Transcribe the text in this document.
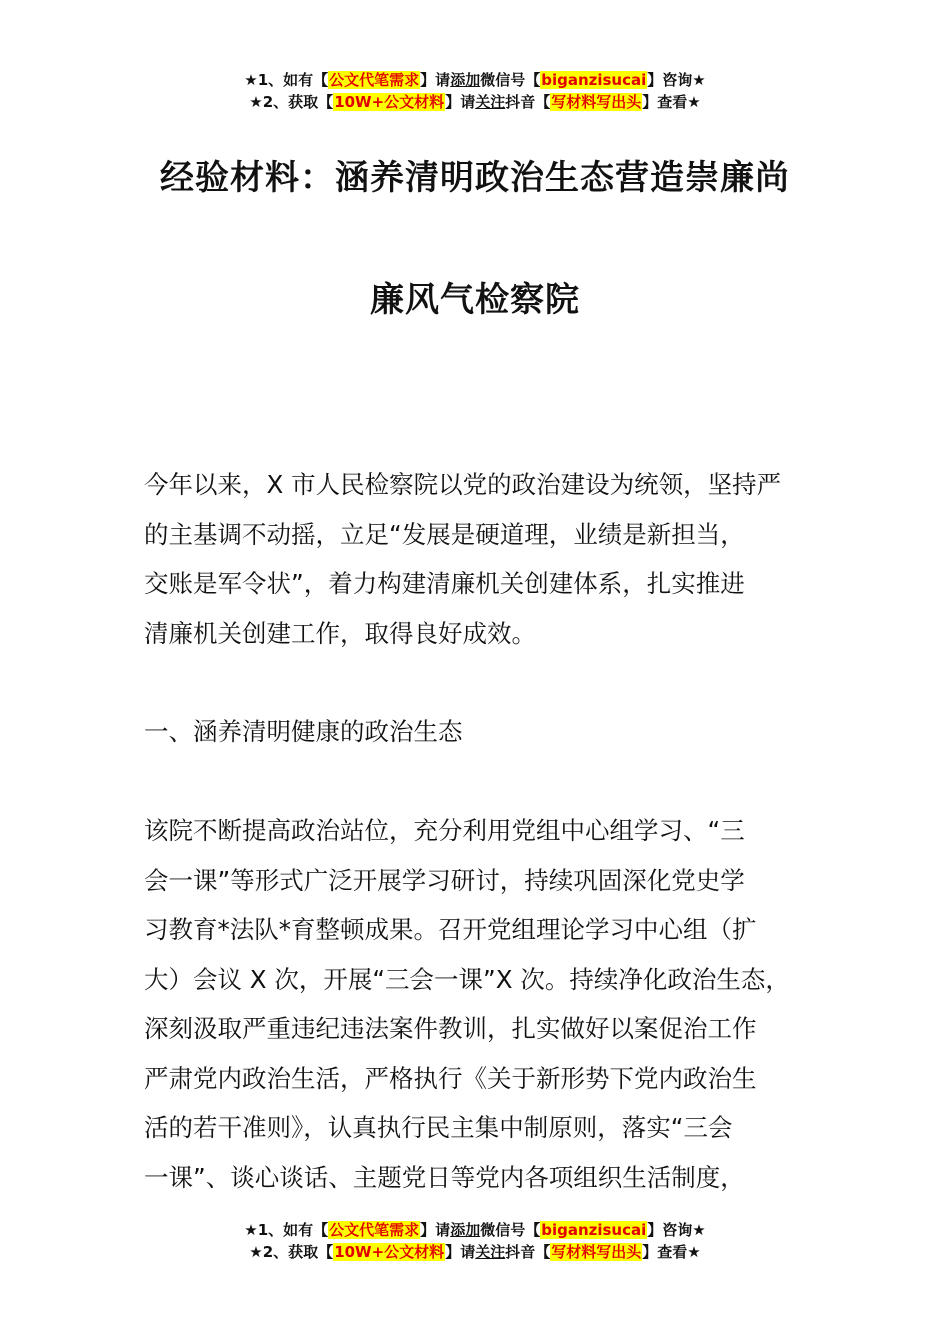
★1、如有【公文代笔需求】请添加微信号【biganzisucai】咨询★
★2、获取【10W+公文材料】请关注抖音【写材料写出头】查看★
经验材料：涵养清明政治生态营造崇廉尚
廉风气检察院
今年以来，X 市人民检察院以党的政治建设为统领，坚持严
的主基调不动摇，立足“发展是硬道理，业绩是新担当，
交账是军令状”，着力构建清廉机关创建体系，扎实推进
清廉机关创建工作，取得良好成效。
一、涵养清明健康的政治生态
该院不断提高政治站位，充分利用党组中心组学习、“三
会一课”等形式广泛开展学习研讨，持续巩固深化党史学
习教育*法队*育整顿成果。召开党组理论学习中心组（扩
大）会议 X 次，开展“三会一课”X 次。持续净化政治生态，
深刻汲取严重违纪违法案件教训，扎实做好以案促治工作
严肃党内政治生活，严格执行《关于新形势下党内政治生
活的若干准则》，认真执行民主集中制原则，落实“三会
一课”、谈心谈话、主题党日等党内各项组织生活制度，
★1、如有【公文代笔需求】请添加微信号【biganzisucai】咨询★
★2、获取【10W+公文材料】请关注抖音【写材料写出头】查看★
